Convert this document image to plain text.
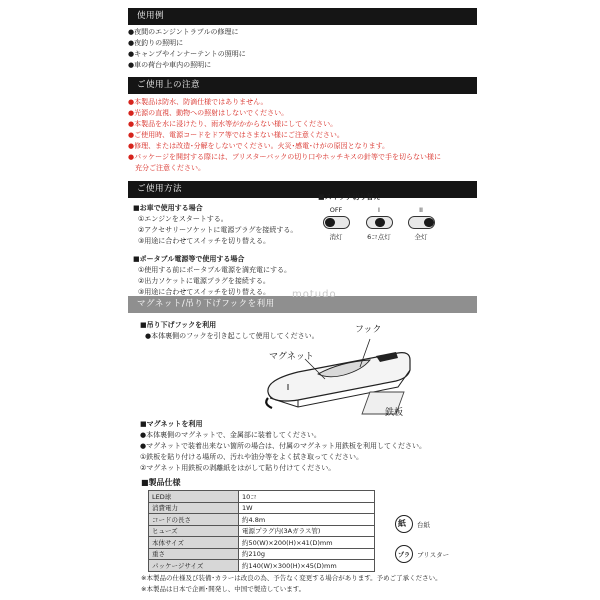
使用例
●夜間のエンジントラブルの修理に
●夜釣りの照明に
●キャンプやインナーテントの照明に
●車の荷台や車内の照明に
ご使用上の注意
●本製品は防水、防滴仕様ではありません。
●光源の直視、動物への照射はしないでください。
●本製品を水に浸けたり、雨水等がかからない様にしてください。
●ご使用時、電源コードをドア等ではさまない様にご注意ください。
●修理、または改造･分解をしないでください。火災･感電･けがの原因となります。
●パッケージを開封する際には、ブリスターパックの切り口やホッチキスの針等で手を切らない様に
　充分ご注意ください。
ご使用方法
■お車で使用する場合
①エンジンをスタートする。
②アクセサリーソケットに電源プラグを接続する。
③用途に合わせてスイッチを切り替える。
■ポータブル電源等で使用する場合
①使用する前にポータブル電源を満充電にする。
②出力ソケットに電源プラグを接続する。
③用途に合わせてスイッチを切り替える。
■スイッチ切り替え
OFF
消灯
I
6コ点灯
II
全灯
マグネット/吊り下げフックを利用
motudo
■吊り下げフックを利用
●本体裏側のフックを引き起こして使用してください。
フック
マグネット
鉄板
■マグネットを利用
●本体裏側のマグネットで、金属部に装着してください。
●マグネットで装着出来ない箇所の場合は、付属のマグネット用鉄板を利用してください。
①鉄板を貼り付ける場所の、汚れや油分等をよく拭き取ってください。
②マグネット用鉄板の剥離紙をはがして貼り付けてください。
■製品仕様
LED球	10コ
消費電力	1W
コードの長さ	約4.8m
ヒューズ	電源プラグ内(3Aガラス管)
本体サイズ	約50(W)×200(H)×41(D)mm
重さ	約210g
パッケージサイズ	約140(W)×300(H)×45(D)mm
紙 台紙
プラ	ブリスター
※本製品の仕様及び装備･カラーは改良の為、予告なく変更する場合があります。予めご了承ください。
※本製品は日本で企画･開発し、中国で製造しています。
